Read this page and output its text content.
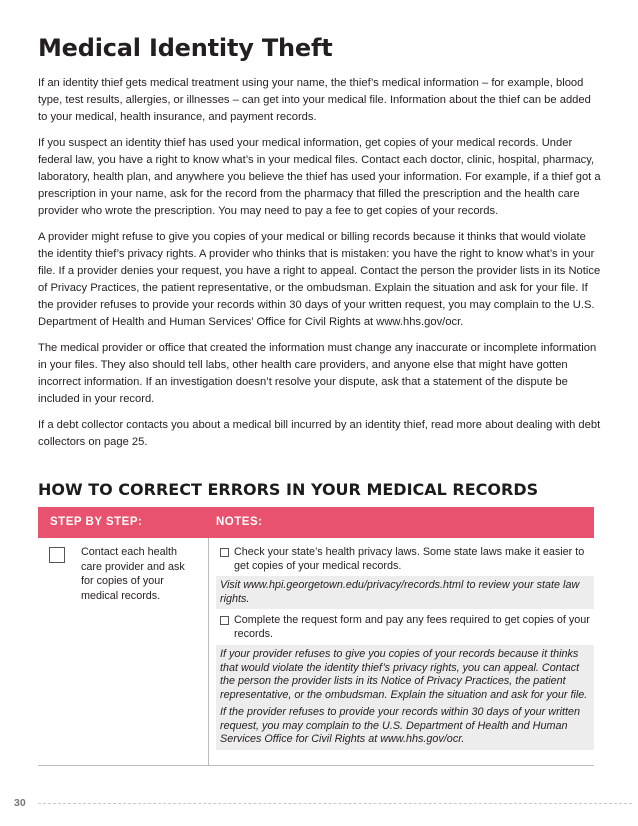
Medical Identity Theft

If an identity thief gets medical treatment using your name, the thief’s medical information – for example, blood type, test results, allergies, or illnesses – can get into your medical file. Information about the thief can be added to your medical, health insurance, and payment records.

If you suspect an identity thief has used your medical information, get copies of your medical records. Under federal law, you have a right to know what’s in your medical files. Contact each doctor, clinic, hospital, pharmacy, laboratory, health plan, and anywhere you believe the thief has used your information. For example, if a thief got a prescription in your name, ask for the record from the pharmacy that filled the prescription and the health care provider who wrote the prescription. You may need to pay a fee to get copies of your records.

A provider might refuse to give you copies of your medical or billing records because it thinks that would violate the identity thief’s privacy rights. A provider who thinks that is mistaken: you have the right to know what’s in your file. If a provider denies your request, you have a right to appeal. Contact the person the provider lists in its Notice of Privacy Practices, the patient representative, or the ombudsman. Explain the situation and ask for your file. If the provider refuses to provide your records within 30 days of your written request, you may complain to the U.S. Department of Health and Human Services’ Office for Civil Rights at www.hhs.gov/ocr.

The medical provider or office that created the information must change any inaccurate or incomplete information in your files. They also should tell labs, other health care providers, and anyone else that might have gotten incorrect information. If an investigation doesn’t resolve your dispute, ask that a statement of the dispute be included in your record.

If a debt collector contacts you about a medical bill incurred by an identity thief, read more about dealing with debt collectors on page 25.

HOW TO CORRECT ERRORS IN YOUR MEDICAL RECORDS
STEP BY STEP:	NOTES:

Contact each health care provider and ask for copies of your medical records.

Check your state’s health privacy laws. Some state laws make it easier to get copies of your medical records.

Visit www.hpi.georgetown.edu/privacy/records.html to review your state law rights.

Complete the request form and pay any fees required to get copies of your records.

If your provider refuses to give you copies of your records because it thinks that would violate the identity thief’s privacy rights, you can appeal. Contact the person the provider lists in its Notice of Privacy Practices, the patient representative, or the ombudsman. Explain the situation and ask for your file.

If the provider refuses to provide your records within 30 days of your written request, you may complain to the U.S. Department of Health and Human Services Office for Civil Rights at www.hhs.gov/ocr.

30
